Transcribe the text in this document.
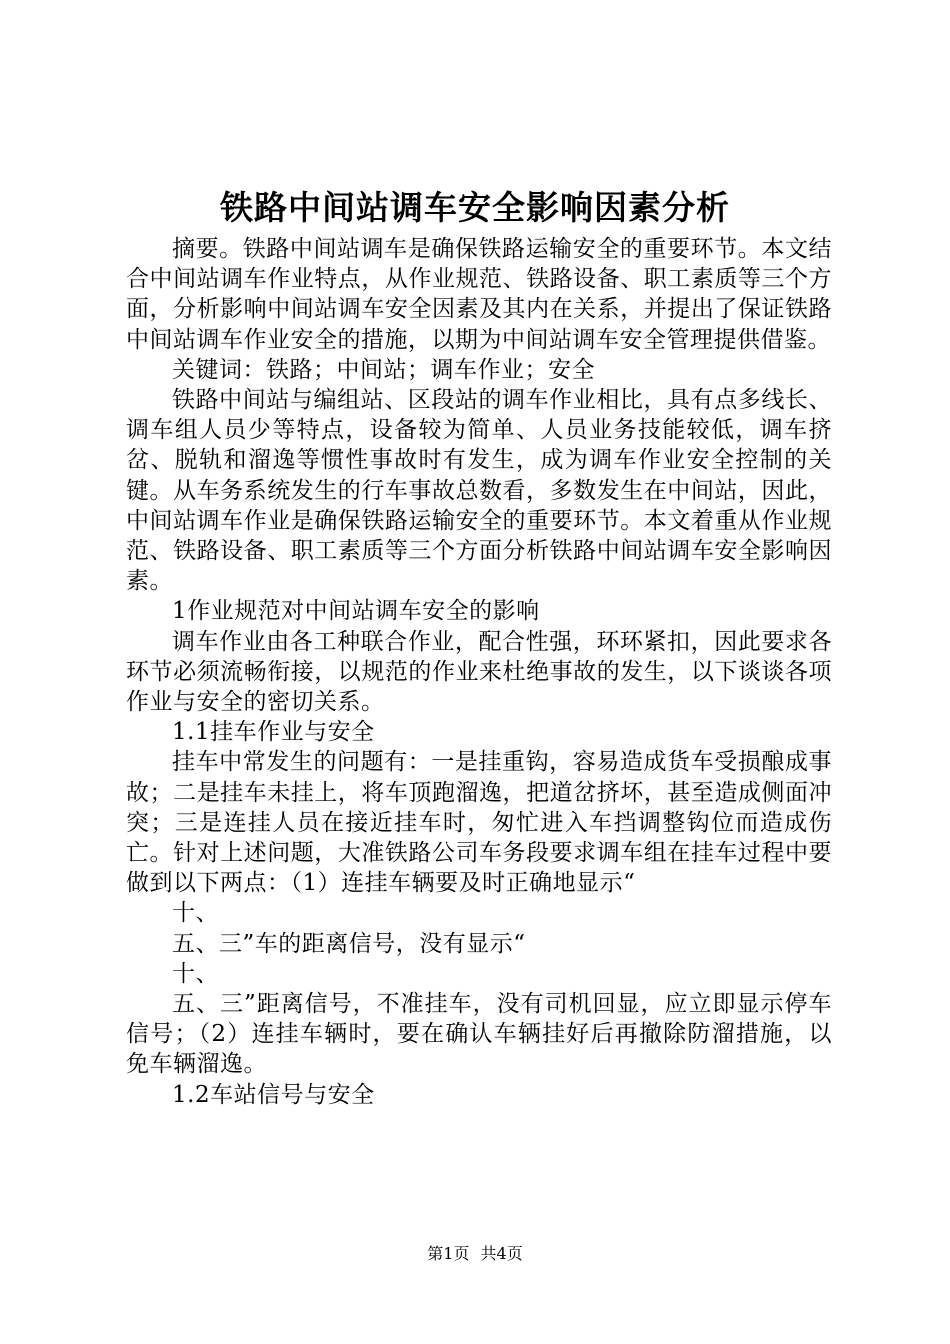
铁路中间站调车安全影响因素分析

摘要。铁路中间站调车是确保铁路运输安全的重要环节。本文结合中间站调车作业特点，从作业规范、铁路设备、职工素质等三个方面，分析影响中间站调车安全因素及其内在关系，并提出了保证铁路中间站调车作业安全的措施，以期为中间站调车安全管理提供借鉴。

关键词：铁路；中间站；调车作业；安全

铁路中间站与编组站、区段站的调车作业相比，具有点多线长、调车组人员少等特点，设备较为简单、人员业务技能较低，调车挤岔、脱轨和溜逸等惯性事故时有发生，成为调车作业安全控制的关键。从车务系统发生的行车事故总数看，多数发生在中间站，因此，中间站调车作业是确保铁路运输安全的重要环节。本文着重从作业规范、铁路设备、职工素质等三个方面分析铁路中间站调车安全影响因素。

1作业规范对中间站调车安全的影响

调车作业由各工种联合作业，配合性强，环环紧扣，因此要求各环节必须流畅衔接，以规范的作业来杜绝事故的发生，以下谈谈各项作业与安全的密切关系。

1.1挂车作业与安全

挂车中常发生的问题有：一是挂重钩，容易造成货车受损酿成事故；二是挂车未挂上，将车顶跑溜逸，把道岔挤坏，甚至造成侧面冲突；三是连挂人员在接近挂车时，匆忙进入车挡调整钩位而造成伤亡。针对上述问题，大准铁路公司车务段要求调车组在挂车过程中要做到以下两点：（1）连挂车辆要及时正确地显示“

十、

五、三”车的距离信号，没有显示“

十、

五、三”距离信号，不准挂车，没有司机回显，应立即显示停车信号；（2）连挂车辆时，要在确认车辆挂好后再撤除防溜措施，以免车辆溜逸。

1.2车站信号与安全

第1页 共4页
